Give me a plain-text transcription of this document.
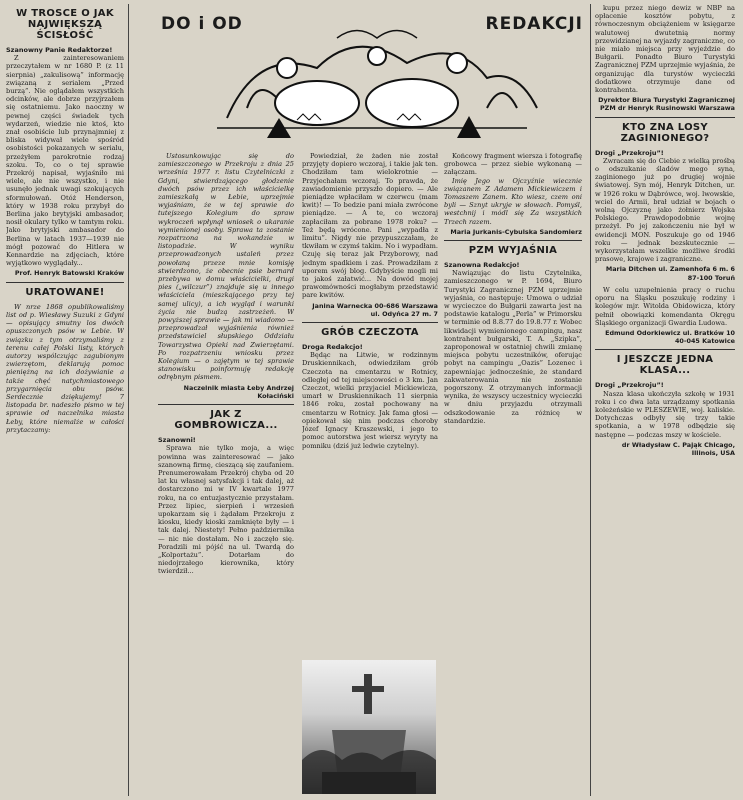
W TROSCE O JAK NAJWIĘKSZĄ ŚCISŁOŚĆ
Szanowny Panie Redaktorze!

Z zainteresowaniem przeczytałem w nr 1680 P. (z 11 sierpnia) „zakulisową” informację związaną z serialem „Przed burzą”. Nie oglądałem wszystkich odcinków, ale dobrze przyjrzałem się ostatniemu. Jako naoczny w pewnej części świadek tych wydarzeń, wiedzie nie ktoś, kto znał osobiście lub przynajmniej z bliska widywał wiele spośród osobistości pokazanych w serialu, przeżyłem parokrotnie rodzaj szoku. To, co o tej sprawie Przekrój napisał, wyjaśniło mi wiele, ale nie wszystko, i nie usunęło jednak uwagi szokujących sformułowań. Otóż Henderson, który w 1938 roku przybył do Berlina jako brytyjski ambasador, nosił okulary tylko w tamtym roku. Jako brytyjski ambasador do Berlina w latach 1937—1939 nie mógł pozować do Hitlera w Kennardzie na zdjęciach, które wyjątkowo wyglądały...

Prof. Henryk Batowski Kraków
URATOWANE!

W nrze 1868 opublikowaliśmy list od p. Wiesławy Suzuki z Gdyni — opisujący smutny los dwóch opuszczonych psów w Lebie. W związku z tym otrzymaliśmy z terenu całej Polski listy, których autorzy wspólczując zagubionym zwierzętom, deklarują pomoc pieniężną na ich dożywianie a także chęć natychmiastowego przygarnięcia obu psów. Serdecznie dziękujemy! 7 listopada br. nadeszło pismo w tej sprawie od naczelnika miasta Łeby, które niemalże w całości przytaczamy:

DO i OD	REDAKCJI

Ustosunkowując się do zamieszczonego w Przekroju z dnia 25 września 1977 r. listu Czytelniczki z Gdyni, stwierdzającego głodzenie dwóch psów przez ich właścicielkę zamieszkałą w Łebie, uprzejmie wyjaśniam, że w tej sprawie do tutejszego Kolegium do spraw wykroczeń wpłynął wniosek o ukaranie wymienionej osoby. Sprawa ta zostanie rozpatrzona na wokandzie w listopadzie. W wyniku przeprowadzonych ustaleń przez powołaną przeze mnie komisję stwierdzono, że obecnie psie bernard przebywa w domu właścicielki, drugi pies („wilczur”) znajduje się u innego właściciela (mieszkającego przy tej samej ulicy), a ich wygląd i warunki życia nie budzą zastrzeżeń. W powyższej sprawie — jak mi wiadomo — przeprowadzał wyjaśnienia również przedstawiciel słupskiego Oddziału Towarzystwa Opieki nad Zwierzętami. Po rozpatrzeniu wniosku przez Kolegium — o zajętym w tej sprawie stanowisku poinformuję redakcję odrębnym pismem.

Naczelnik miasta Łeby Andrzej Kołaciński
JAK Z GOMBROWICZA...
Szanowni!

Sprawa nie tylko moja, a więc powinna was zainteresować — jako szanowną firmę, cieszącą się zaufaniem. Prenumerowałam Przekrój chyba od 20 lat ku własnej satysfakcji i tak dalej, aż dostarczono mi w IV kwartale 1977 roku, na co entuzjastycznie przystałam. Przez lipiec, sierpień i wrzesień upokarzam się i żądałam Przekroju z kiosku, kiedy kioski zamknięte były — i tak dalej. Niestety! Pełno października — nic nie dostałam. No i zaczęło się. Poradzili mi pójść na ul. Twardą do „Kolportażu”. Dotarłam do niedojrzałego kierownika, który twierdził...

Powiedział, że żaden nie został przyjęty dopiero wczoraj, i takie jak ten. Chodziłam tam wielokrotnie — Przyjechałam wczoraj. To prawda, że zawiadomienie przyszło dopiero. — Ale pieniądze wpłaciłam w czerwcu (mam kwit)! — To bedzie pani miała zwrócone pieniądze. — A te, co wczoraj zapłaciłam za pobrane 1978 roku? — Też będą wrócone. Pani „wypadła z limitu”. Nigdy nie przypuszczałam, że tkwiłam w czymś takim. No i wypadłam. Czuję się teraz jak Przyborowy, nad jednym spadkiem i zaś. Prowadziłam z uporem swój blog. Gdybyście mogli mi to jakoś załatwić... Na dowód mojej prawomówności mogłabym przedstawić pare kwitów.

Janina Warnecka 00-686 Warszawa ul. Odyńca 27 m. 7
GRÓB CZECZOTA
Droga Redakcjo!

Będąc na Litwie, w rodzinnym Druskiennikach, odwiedziłam grób Czeczota na cmentarzu w Rotnicy, odległej od tej miejscowości o 3 km. Jan Czeczot, wielki przyjaciel Mickiewicza, umarł w Druskiennikach 11 sierpnia 1846 roku, został pochowany na cmentarzu w Rotnicy. Jak fama głosi — opiekował się nim podczas choroby Józef Ignacy Kraszewski, i jego to pomoc autorstwa jest wiersz wyryty na pomniku (dziś już ledwie czytelny).

Końcowy fragment wiersza i fotografię grobowca — przez siebie wykonaną — załączam.

Imię Jego w Ojczyźnie wiecznie związanem Z Adamem Mickiewiczem i Tomaszem Zanem. Kto wiesz, czem oni byli — Sznyt ukryje w słowach. Pomyśl, westchnij i módl się Za wszystkich Trzech razem.

Maria Jurkanis-Cybulska Sandomierz
PZM WYJAŚNIA
Szanowna Redakcjo!

Nawiązując do listu Czytelnika, zamieszczonego w P. 1694, Biuro Turystyki Zagranicznej PZM uprzejmie wyjaśnia, co następuje: Umowa o udział w wycieczce do Bułgarii zawarta jest na podstawie katalogu „Perla” w Primorsku w terminie od 8.8.77 do 19.8.77 r. Wobec likwidacji wymienionego campingu, nasz kontrahent bułgarski, T. A. „Szipka”, zaproponował w ostatniej chwili zmianę miejsca pobytu uczestników, oferując pobyt na campingu „Oazis” Lozenec i zapewniając jednocześnie, że standard zakwaterowania nie zostanie pogorszony. Z otrzymanych informacji wynika, że wszyscy uczestnicy wycieczki w dniu przyjazdu otrzymali odszkodowanie za różnicę w standardzie.

kupu przez niego dewiz w NBP na opłacenie kosztów pobytu, z równoczesnym obciążeniem w księgarze walutowej dwutetnią normy przewidzianej na wyjazdy zagraniczne, co nie miało miejsca przy wyjeździe do Bułgarii. Ponadto Biuro Turystyki Zagranicznej PZM uprzejmie wyjaśnia, że organizując dla turystów wycieczki dodatkowe otrzymuje dane od kontrahenta.

Dyrektor Biura Turystyki Zagranicznej PZM dr Henryk Rusinowski Warszawa
KTO ZNA LOSY ZAGINIONEGO?
Drogi „Przekroju”!

Zwracam się do Ciebie z wielką prośbą o odszukanie śladów mego syna, zaginionego już po drugiej wojnie światowej. Syn mój, Henryk Ditchen, ur. w 1926 roku w Dąbrówce, woj. lwowskie, wciel do Armii, brał udział w bojach o wolną Ojczyznę jako żołnierz Wojska Polskiego. Prawdopodobnie wojnę przeżył. Po jej zakończeniu nie był w ewidencji MON. Poszukuje go od 1946 roku — jednak bezskutecznie — wykorzystałam wszelkie możliwe środki prasowe, krajowe i zagraniczne.

Maria Ditchen ul. Zamenhofa 6 m. 6 87-100 Toruń

W celu uzupełnienia pracy o ruchu oporu na Śląsku poszukuję rodziny i kolegów mjr. Witolda Obidowicza, który pełnił obowiązki komendanta Okręgu Śląskiego organizacji Gwardia Ludowa.

Edmund Odorkiewicz ul. Bratków 10 40-045 Katowice
I JESZCZE JEDNA KLASA...
Drogi „Przekroju”!

Nasza klasa ukończyła szkołę w 1931 roku i co dwa lata urządzamy spotkania koleżeńskie w PLESZEWIE, woj. kaliskie. Dotychczas odbyły się trzy takie spotkania, a w 1978 odbędzie się następne — podczas mszy w kościele.

dr Władysław C. Pająk Chicago, Illinois, USA
